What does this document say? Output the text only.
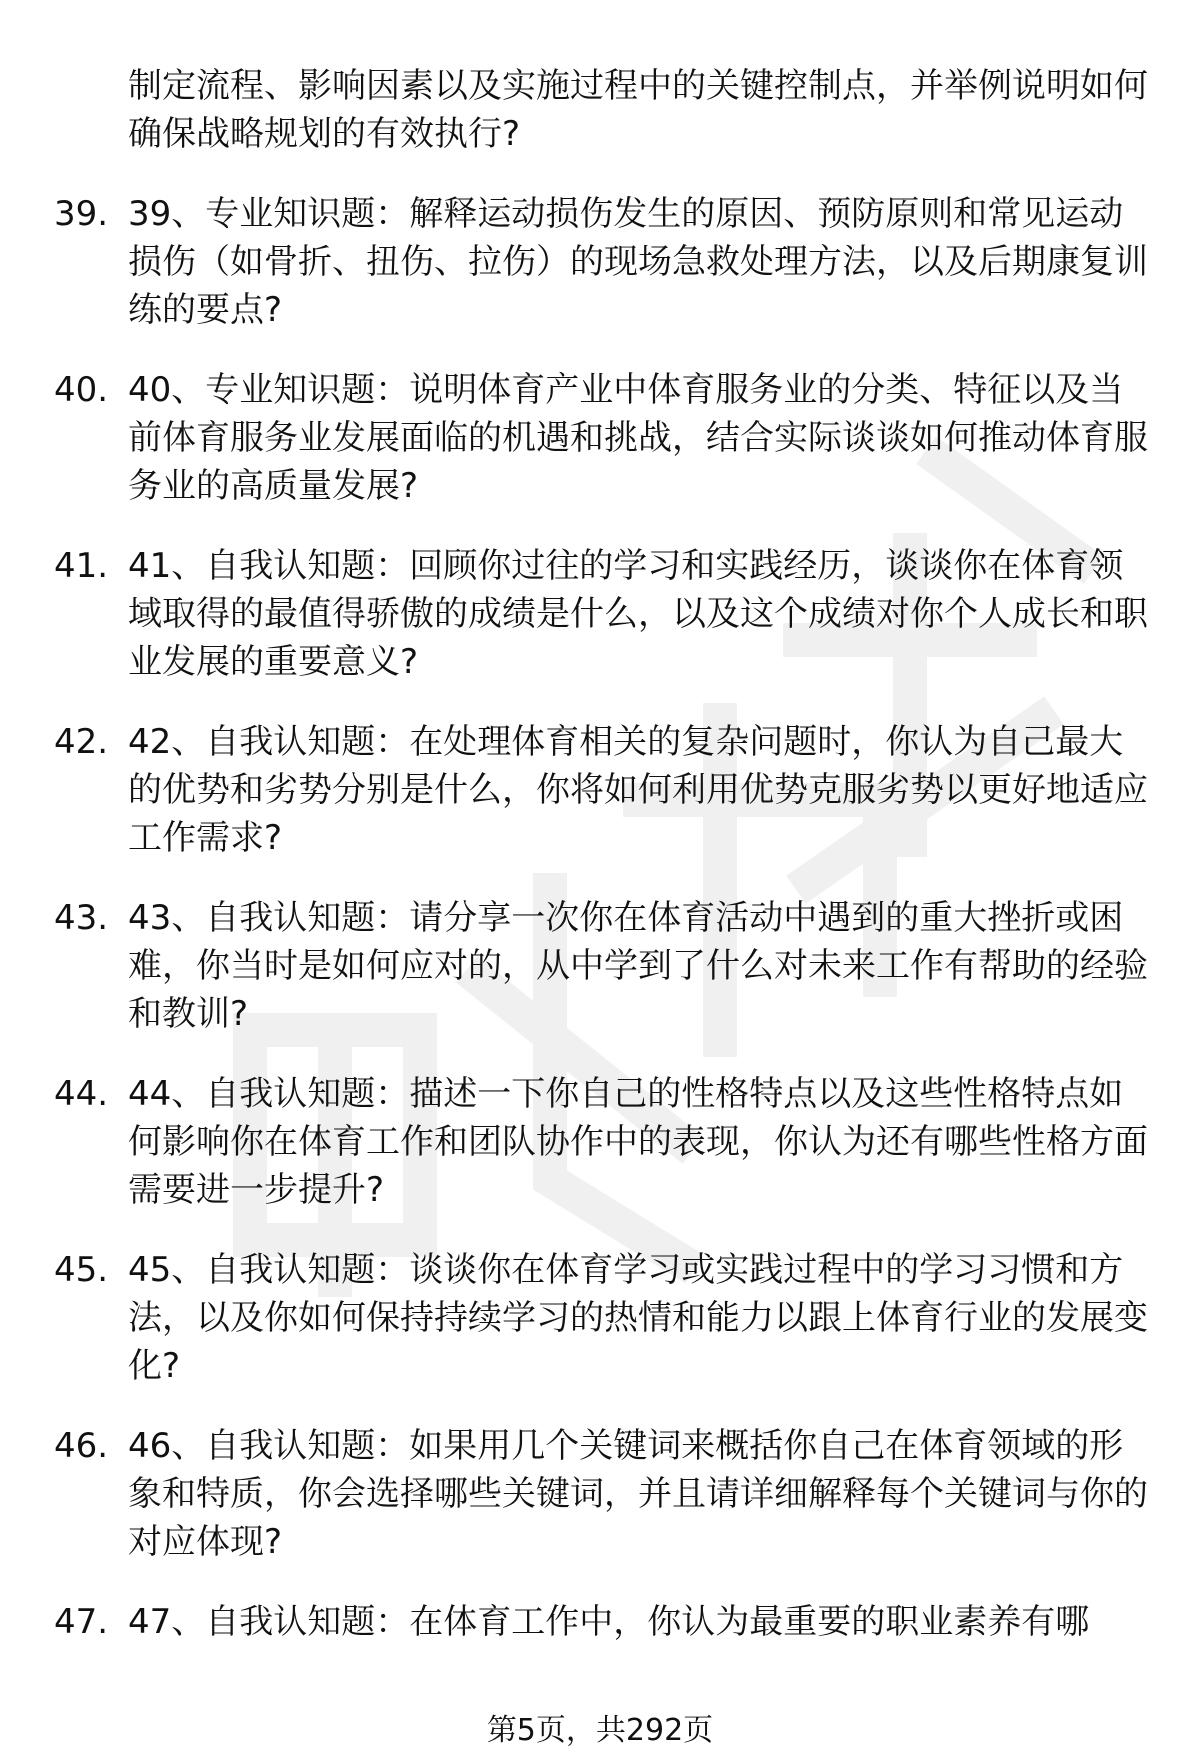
制定流程、影响因素以及实施过程中的关键控制点，并举例说明如何确保战略规划的有效执行?
39. 39、专业知识题：解释运动损伤发生的原因、预防原则和常见运动损伤（如骨折、扭伤、拉伤）的现场急救处理方法，以及后期康复训练的要点?
40. 40、专业知识题：说明体育产业中体育服务业的分类、特征以及当前体育服务业发展面临的机遇和挑战，结合实际谈谈如何推动体育服务业的高质量发展?
41. 41、自我认知题：回顾你过往的学习和实践经历，谈谈你在体育领域取得的最值得骄傲的成绩是什么，以及这个成绩对你个人成长和职业发展的重要意义?
42. 42、自我认知题：在处理体育相关的复杂问题时，你认为自己最大的优势和劣势分别是什么，你将如何利用优势克服劣势以更好地适应工作需求?
43. 43、自我认知题：请分享一次你在体育活动中遇到的重大挫折或困难，你当时是如何应对的，从中学到了什么对未来工作有帮助的经验和教训?
44. 44、自我认知题：描述一下你自己的性格特点以及这些性格特点如何影响你在体育工作和团队协作中的表现，你认为还有哪些性格方面需要进一步提升?
45. 45、自我认知题：谈谈你在体育学习或实践过程中的学习习惯和方法，以及你如何保持持续学习的热情和能力以跟上体育行业的发展变化?
46. 46、自我认知题：如果用几个关键词来概括你自己在体育领域的形象和特质，你会选择哪些关键词，并且请详细解释每个关键词与你的对应体现?
47. 47、自我认知题：在体育工作中，你认为最重要的职业素养有哪
第5页，共292页
